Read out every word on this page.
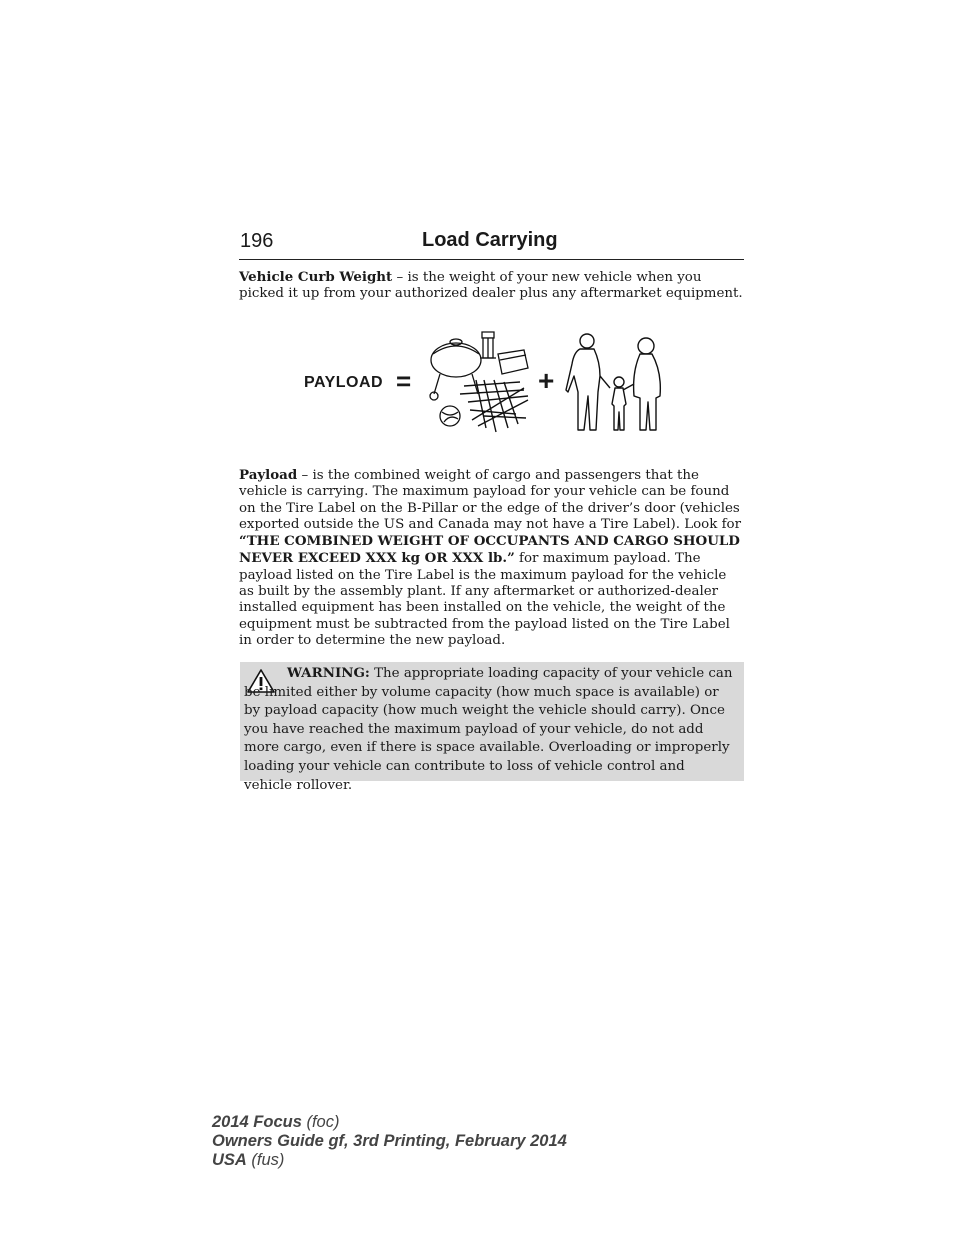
196	Load Carrying

Vehicle Curb Weight – is the weight of your new vehicle when you picked it up from your authorized dealer plus any aftermarket equipment.

PAYLOAD =	+

Payload – is the combined weight of cargo and passengers that the vehicle is carrying. The maximum payload for your vehicle can be found on the Tire Label on the B-Pillar or the edge of the driver’s door (vehicles exported outside the US and Canada may not have a Tire Label). Look for “THE COMBINED WEIGHT OF OCCUPANTS AND CARGO SHOULD NEVER EXCEED XXX kg OR XXX lb.” for maximum payload. The payload listed on the Tire Label is the maximum payload for the vehicle as built by the assembly plant. If any aftermarket or authorized-dealer installed equipment has been installed on the vehicle, the weight of the equipment must be subtracted from the payload listed on the Tire Label in order to determine the new payload.

WARNING: The appropriate loading capacity of your vehicle can be limited either by volume capacity (how much space is available) or by payload capacity (how much weight the vehicle should carry). Once you have reached the maximum payload of your vehicle, do not add more cargo, even if there is space available. Overloading or improperly loading your vehicle can contribute to loss of vehicle control and vehicle rollover.

2014 Focus (foc)
Owners Guide gf, 3rd Printing, February 2014
USA (fus)
